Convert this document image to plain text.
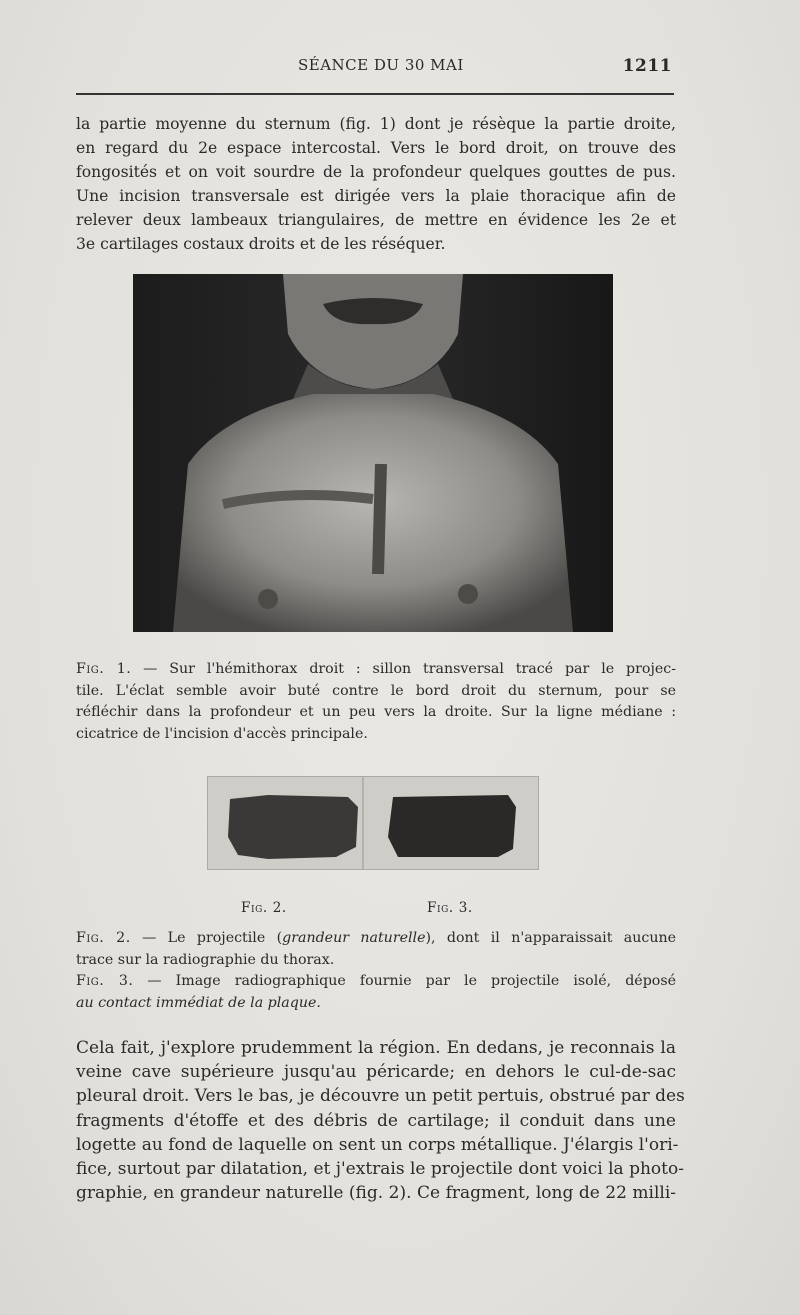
SÉANCE DU 30 MAI	1211
la partie moyenne du sternum (fig. 1) dont je résèque la partie droite,
en regard du 2e espace intercostal. Vers le bord droit, on trouve des
fongosités et on voit sourdre de la profondeur quelques gouttes de pus.
Une incision transversale est dirigée vers la plaie thoracique afin de
relever deux lambeaux triangulaires, de mettre en évidence les 2e et
3e cartilages costaux droits et de les réséquer.
Fig. 1. — Sur l'hémithorax droit : sillon transversal tracé par le projec-
tile. L'éclat semble avoir buté contre le bord droit du sternum, pour se
réfléchir dans la profondeur et un peu vers la droite. Sur la ligne médiane :
cicatrice de l'incision d'accès principale.
Fig. 2.	Fig. 3.
Fig. 2. — Le projectile (grandeur naturelle), dont il n'apparaissait aucune
trace sur la radiographie du thorax.
Fig. 3. — Image radiographique fournie par le projectile isolé, déposé
au contact immédiat de la plaque.
Cela fait, j'explore prudemment la région. En dedans, je reconnais la
veine cave supérieure jusqu'au péricarde; en dehors le cul-de-sac
pleural droit. Vers le bas, je découvre un petit pertuis, obstrué par des
fragments d'étoffe et des débris de cartilage; il conduit dans une
logette au fond de laquelle on sent un corps métallique. J'élargis l'ori-
fice, surtout par dilatation, et j'extrais le projectile dont voici la photo-
graphie, en grandeur naturelle (fig. 2). Ce fragment, long de 22 milli-
